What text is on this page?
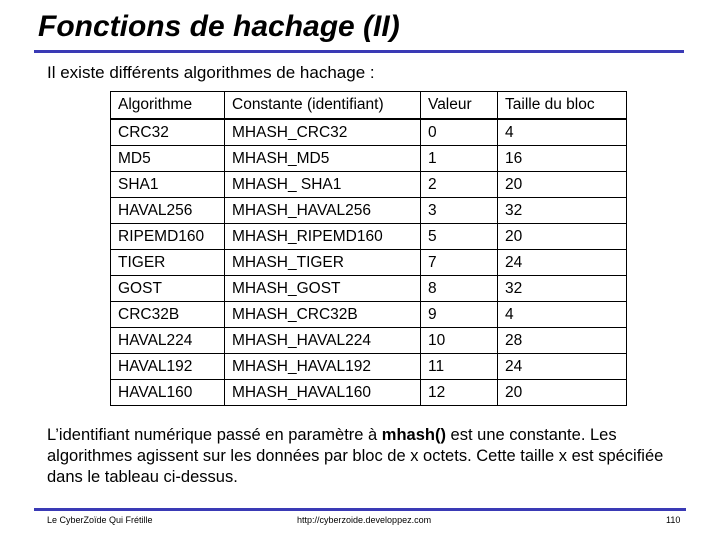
Fonctions de hachage (II)

Il existe différents algorithmes de hachage :

Algorithme	Constante (identifiant)	Valeur	Taille du bloc
CRC32	MHASH_CRC32	0	4
MD5	MHASH_MD5	1	16
SHA1	MHASH_ SHA1	2	20
HAVAL256	MHASH_HAVAL256	3	32
RIPEMD160	MHASH_RIPEMD160	5	20
TIGER	MHASH_TIGER	7	24
GOST	MHASH_GOST	8	32
CRC32B	MHASH_CRC32B	9	4
HAVAL224	MHASH_HAVAL224	10	28
HAVAL192	MHASH_HAVAL192	11	24
HAVAL160	MHASH_HAVAL160	12	20

L’identifiant numérique passé en paramètre à mhash() est une constante. Les algorithmes agissent sur les données par bloc de x octets. Cette taille x est spécifiée dans le tableau ci-dessus.

Le CyberZoïde Qui Frétille	http://cyberzoide.developpez.com	110
